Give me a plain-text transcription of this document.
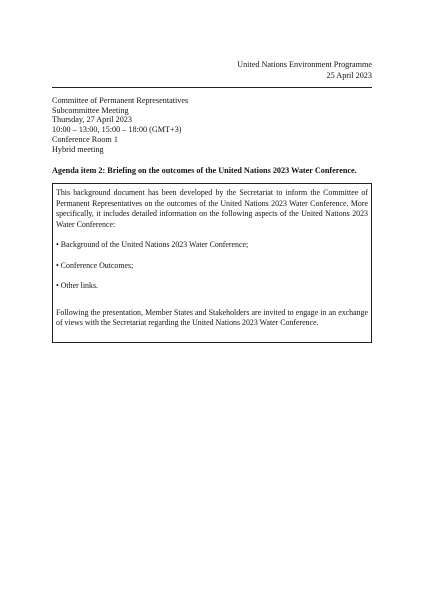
United Nations Environment Programme
25 April 2023
Committee of Permanent Representatives
Subcommittee Meeting
Thursday, 27 April 2023
10:00 – 13:00, 15:00 – 18:00 (GMT+3)
Conference Room 1
Hybrid meeting
Agenda item 2: Briefing on the outcomes of the United Nations 2023 Water Conference.

This background document has been developed by the Secretariat to inform the Committee of Permanent Representatives on the outcomes of the United Nations 2023 Water Conference. More specifically, it includes detailed information on the following aspects of the United Nations 2023 Water Conference:

• Background of the United Nations 2023 Water Conference;

• Conference Outcomes;

• Other links.

Following the presentation, Member States and Stakeholders are invited to engage in an exchange of views with the Secretariat regarding the United Nations 2023 Water Conference.
